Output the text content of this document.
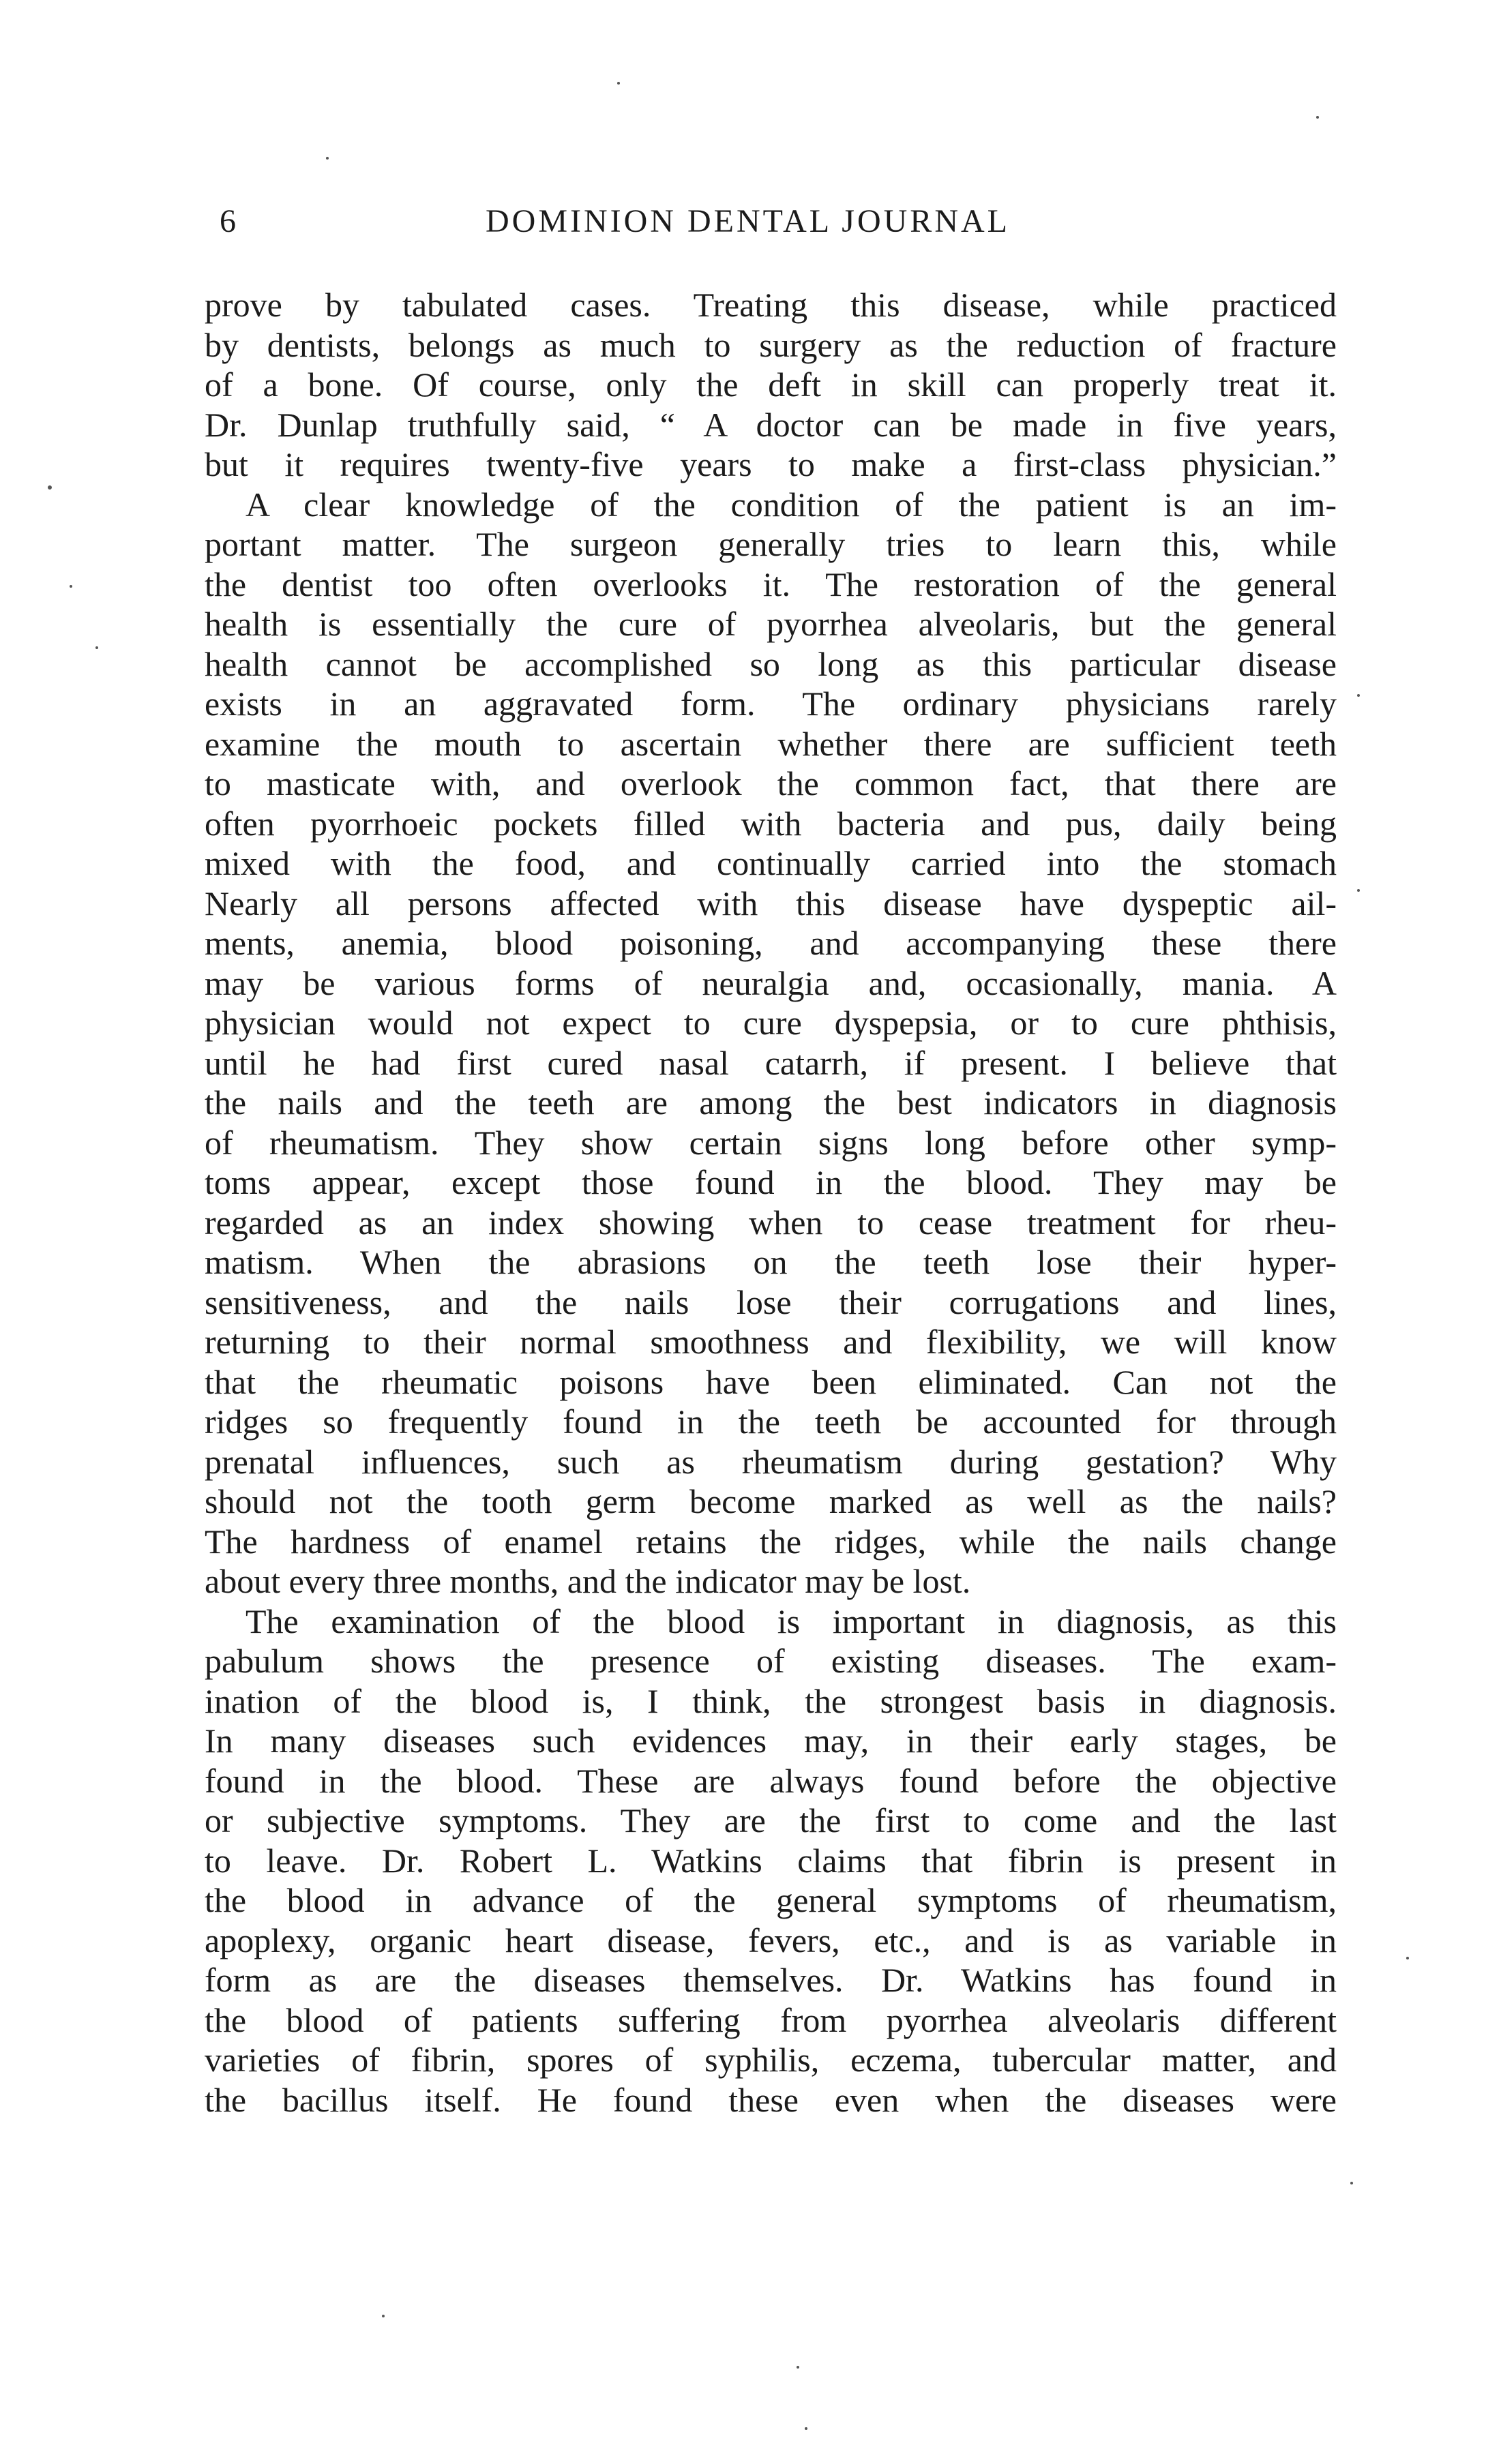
6	DOMINION DENTAL JOURNAL
prove by tabulated cases. Treating this disease, while practiced
by dentists, belongs as much to surgery as the reduction of fracture
of a bone. Of course, only the deft in skill can properly treat it.
Dr. Dunlap truthfully said, “ A doctor can be made in five years,
but it requires twenty-five years to make a first-class physician.”
A clear knowledge of the condition of the patient is an im-
portant matter. The surgeon generally tries to learn this, while
the dentist too often overlooks it. The restoration of the general
health is essentially the cure of pyorrhea alveolaris, but the general
health cannot be accomplished so long as this particular disease
exists in an aggravated form. The ordinary physicians rarely
examine the mouth to ascertain whether there are sufficient teeth
to masticate with, and overlook the common fact, that there are
often pyorrhoeic pockets filled with bacteria and pus, daily being
mixed with the food, and continually carried into the stomach
Nearly all persons affected with this disease have dyspeptic ail-
ments, anemia, blood poisoning, and accompanying these there
may be various forms of neuralgia and, occasionally, mania. A
physician would not expect to cure dyspepsia, or to cure phthisis,
until he had first cured nasal catarrh, if present. I believe that
the nails and the teeth are among the best indicators in diagnosis
of rheumatism. They show certain signs long before other symp-
toms appear, except those found in the blood. They may be
regarded as an index showing when to cease treatment for rheu-
matism. When the abrasions on the teeth lose their hyper-
sensitiveness, and the nails lose their corrugations and lines,
returning to their normal smoothness and flexibility, we will know
that the rheumatic poisons have been eliminated. Can not the
ridges so frequently found in the teeth be accounted for through
prenatal influences, such as rheumatism during gestation? Why
should not the tooth germ become marked as well as the nails?
The hardness of enamel retains the ridges, while the nails change
about every three months, and the indicator may be lost.
The examination of the blood is important in diagnosis, as this
pabulum shows the presence of existing diseases. The exam-
ination of the blood is, I think, the strongest basis in diagnosis.
In many diseases such evidences may, in their early stages, be
found in the blood. These are always found before the objective
or subjective symptoms. They are the first to come and the last
to leave. Dr. Robert L. Watkins claims that fibrin is present in
the blood in advance of the general symptoms of rheumatism,
apoplexy, organic heart disease, fevers, etc., and is as variable in
form as are the diseases themselves. Dr. Watkins has found in
the blood of patients suffering from pyorrhea alveolaris different
varieties of fibrin, spores of syphilis, eczema, tubercular matter, and
the bacillus itself. He found these even when the diseases were
